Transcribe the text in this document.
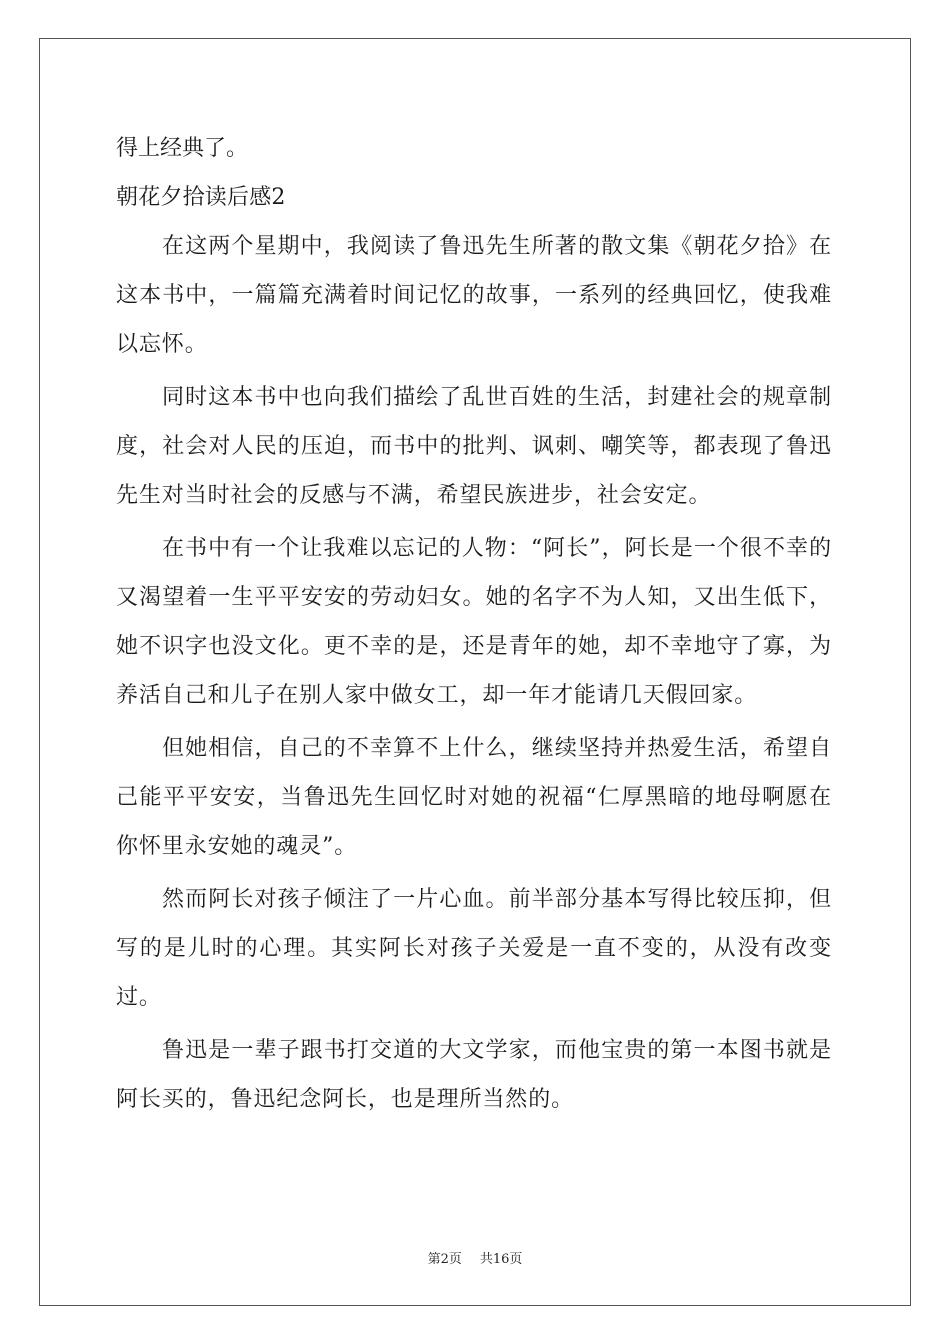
得上经典了。
朝花夕拾读后感2

在这两个星期中，我阅读了鲁迅先生所著的散文集《朝花夕拾》在这本书中，一篇篇充满着时间记忆的故事，一系列的经典回忆，使我难以忘怀。

同时这本书中也向我们描绘了乱世百姓的生活，封建社会的规章制度，社会对人民的压迫，而书中的批判、讽刺、嘲笑等，都表现了鲁迅先生对当时社会的反感与不满，希望民族进步，社会安定。

在书中有一个让我难以忘记的人物：“阿长”，阿长是一个很不幸的又渴望着一生平平安安的劳动妇女。她的名字不为人知，又出生低下，她不识字也没文化。更不幸的是，还是青年的她，却不幸地守了寡，为养活自己和儿子在别人家中做女工，却一年才能请几天假回家。

但她相信，自己的不幸算不上什么，继续坚持并热爱生活，希望自己能平平安安，当鲁迅先生回忆时对她的祝福“仁厚黑暗的地母啊愿在你怀里永安她的魂灵”。

然而阿长对孩子倾注了一片心血。前半部分基本写得比较压抑，但写的是儿时的心理。其实阿长对孩子关爱是一直不变的，从没有改变过。

鲁迅是一辈子跟书打交道的大文学家，而他宝贵的第一本图书就是阿长买的，鲁迅纪念阿长，也是理所当然的。

第2页 共16页
